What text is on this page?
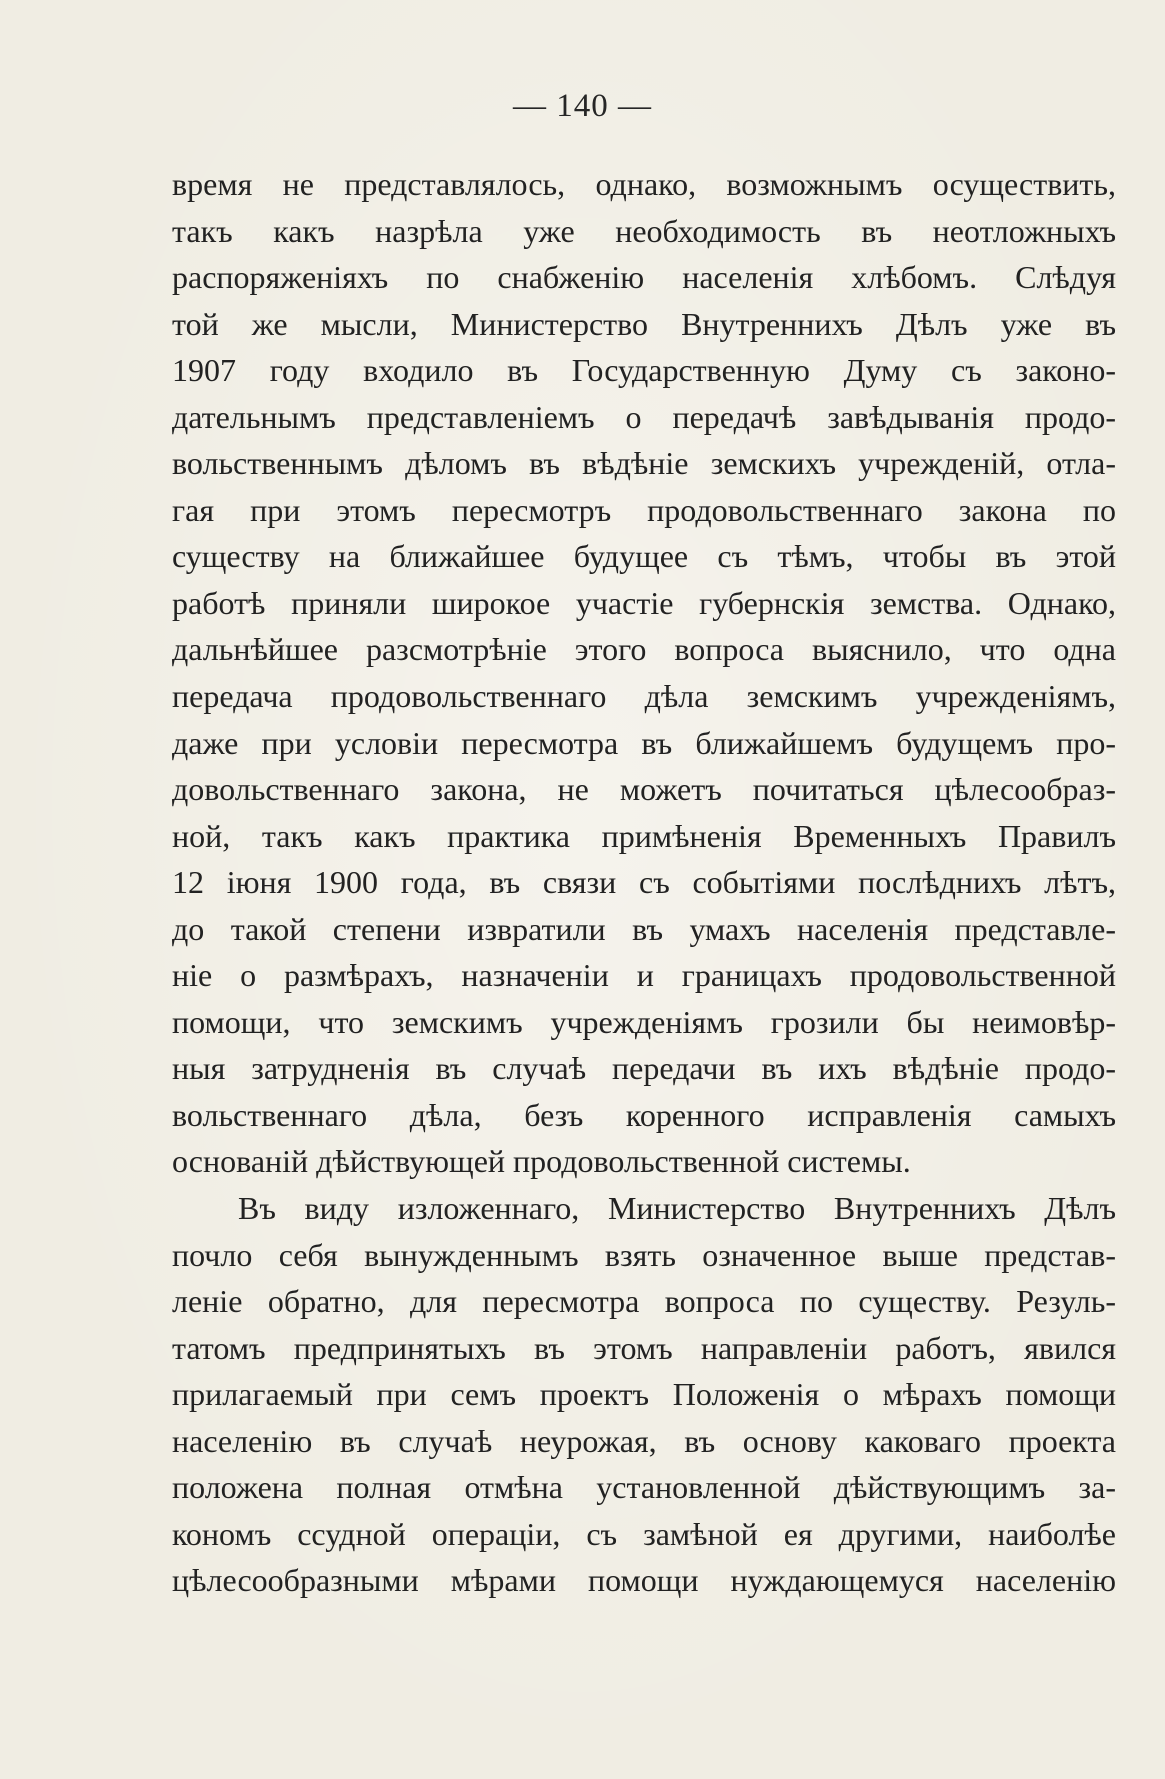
— 140 —
время не представлялось, однако, возможнымъ осуществить,
такъ какъ назрѣла уже необходимость въ неотложныхъ
распоряженіяхъ по снабженію населенія хлѣбомъ. Слѣдуя
той же мысли, Министерство Внутреннихъ Дѣлъ уже въ
1907 году входило въ Государственную Думу съ законо-
дательнымъ представленіемъ о передачѣ завѣдыванія продо-
вольственнымъ дѣломъ въ вѣдѣніе земскихъ учрежденій, отла-
гая при этомъ пересмотръ продовольственнаго закона по
существу на ближайшее будущее съ тѣмъ, чтобы въ этой
работѣ приняли широкое участіе губернскія земства. Однако,
дальнѣйшее разсмотрѣніе этого вопроса выяснило, что одна
передача продовольственнаго дѣла земскимъ учрежденіямъ,
даже при условіи пересмотра въ ближайшемъ будущемъ про-
довольственнаго закона, не можетъ почитаться цѣлесообраз-
ной, такъ какъ практика примѣненія Временныхъ Правилъ
12 іюня 1900 года, въ связи съ событіями послѣднихъ лѣтъ,
до такой степени извратили въ умахъ населенія представле-
ніе о размѣрахъ, назначеніи и границахъ продовольственной
помощи, что земскимъ учрежденіямъ грозили бы неимовѣр-
ныя затрудненія въ случаѣ передачи въ ихъ вѣдѣніе продо-
вольственнаго дѣла, безъ коренного исправленія самыхъ
основаній дѣйствующей продовольственной системы.
Въ виду изложеннаго, Министерство Внутреннихъ Дѣлъ
почло себя вынужденнымъ взять означенное выше представ-
леніе обратно, для пересмотра вопроса по существу. Резуль-
татомъ предпринятыхъ въ этомъ направленіи работъ, явился
прилагаемый при семъ проектъ Положенія о мѣрахъ помощи
населенію въ случаѣ неурожая, въ основу каковаго проекта
положена полная отмѣна установленной дѣйствующимъ за-
кономъ ссудной операціи, съ замѣной ея другими, наиболѣе
цѣлесообразными мѣрами помощи нуждающемуся населенію
